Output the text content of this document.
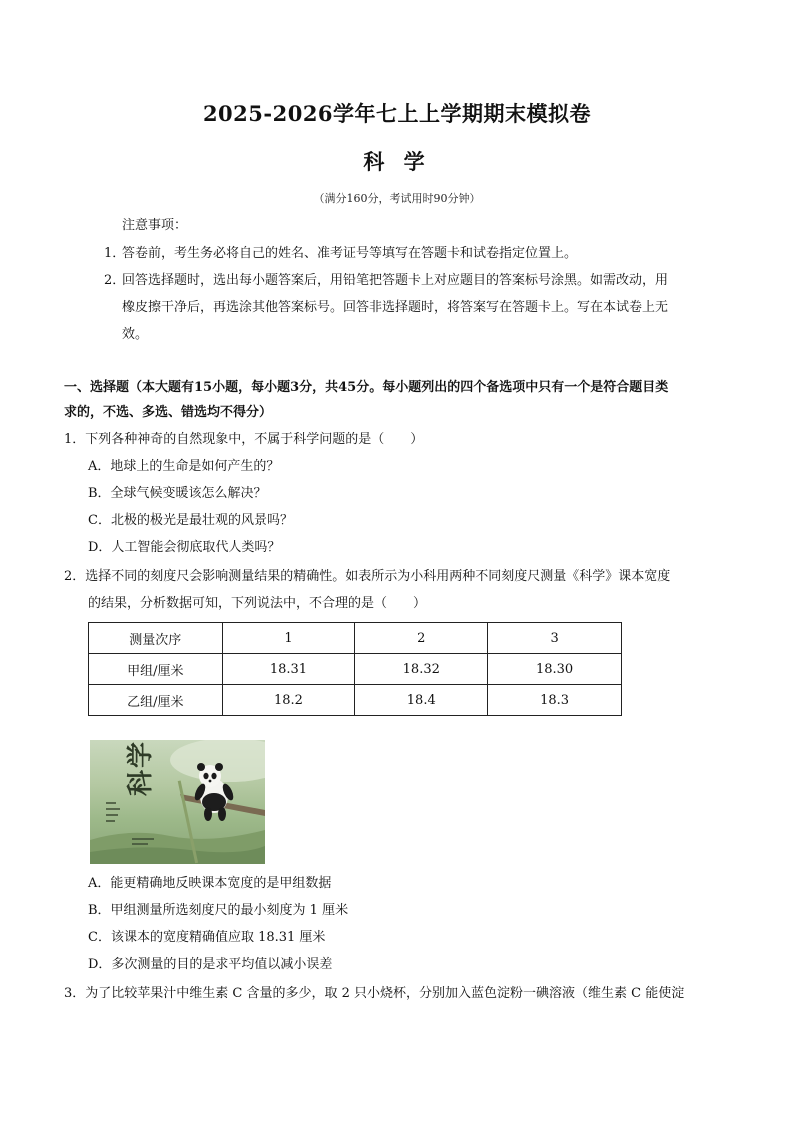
2025-2026学年七上上学期期末模拟卷
科 学
（满分160分，考试用时90分钟）
注意事项：
1．
答卷前，考生务必将自己的姓名、准考证号等填写在答题卡和试卷指定位置上。
2．
回答选择题时，选出每小题答案后，用铅笔把答题卡上对应题目的答案标号涂黑。如需改动，用
橡皮擦干净后，再选涂其他答案标号。回答非选择题时，将答案写在答题卡上。写在本试卷上无
效。
一、选择题（本大题有15小题，每小题3分，共45分。每小题列出的四个备选项中只有一个是符合题目类
求的，不选、多选、错选均不得分）
1．下列各种神奇的自然现象中，不属于科学问题的是（　　）
A．地球上的生命是如何产生的？
B．全球气候变暖该怎么解决？
C．北极的极光是最壮观的风景吗？
D．人工智能会彻底取代人类吗？
2．选择不同的刻度尺会影响测量结果的精确性。如表所示为小科用两种不同刻度尺测量《科学》课本宽度
的结果，分析数据可知，下列说法中，不合理的是（　　）
测量次序	1	2	3
甲组/厘米	18.31	18.32	18.30
乙组/厘米	18.2	18.4	18.3
科学
A．能更精确地反映课本宽度的是甲组数据
B．甲组测量所选刻度尺的最小刻度为 1 厘米
C．该课本的宽度精确值应取 18.31 厘米
D．多次测量的目的是求平均值以减小误差
3．为了比较苹果汁中维生素 C 含量的多少，取 2 只小烧杯，分别加入蓝色淀粉一碘溶液（维生素 C 能使淀
